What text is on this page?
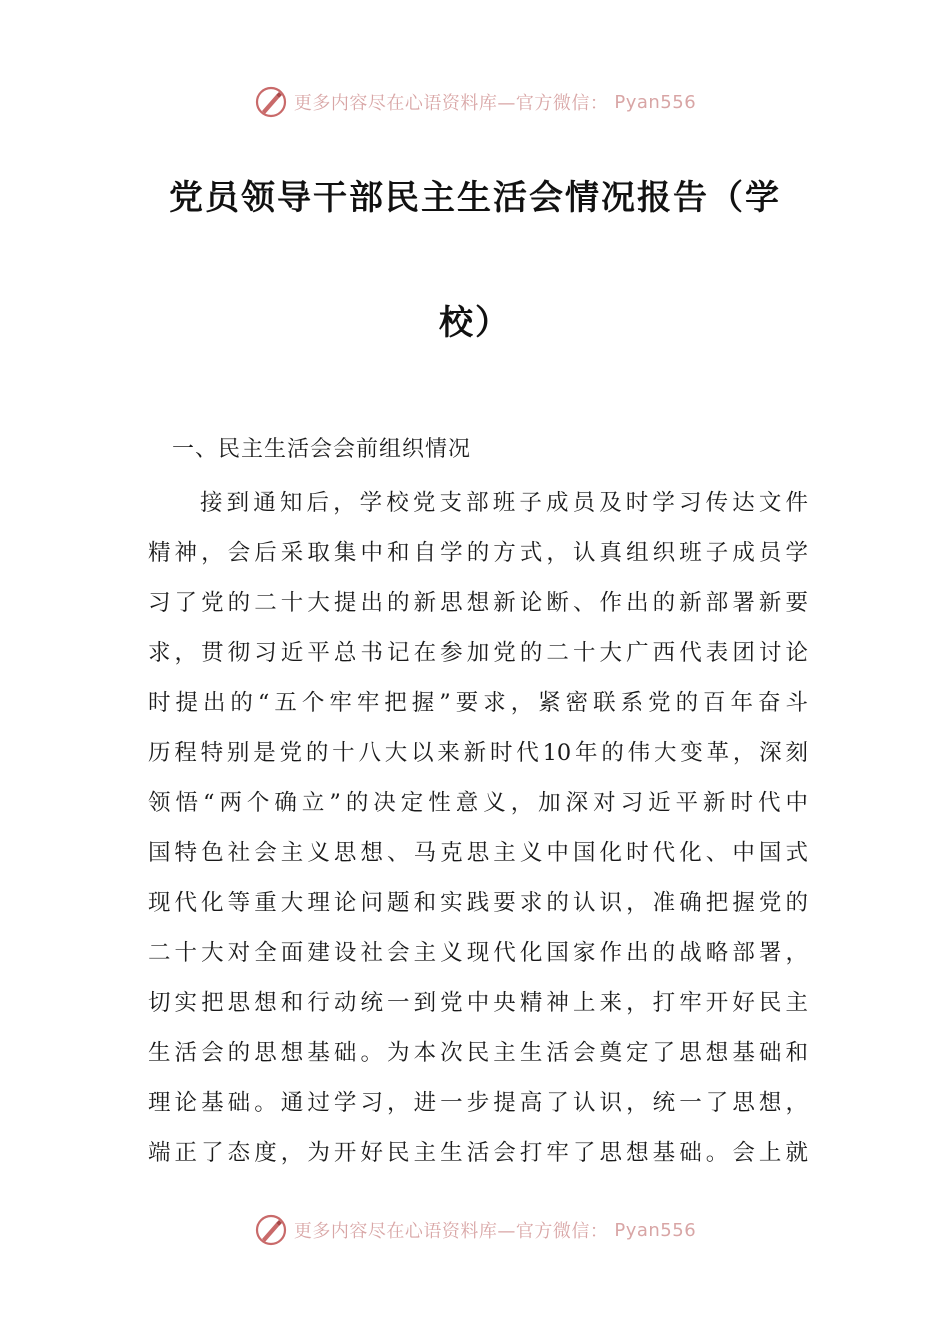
更多内容尽在心语资料库—官方微信： Pyan556
党员领导干部民主生活会情况报告（学
校）
一、民主生活会会前组织情况
接到通知后，学校党支部班子成员及时学习传达文件
精神，会后采取集中和自学的方式，认真组织班子成员学
习了党的二十大提出的新思想新论断、作出的新部署新要
求，贯彻习近平总书记在参加党的二十大广西代表团讨论
时提出的“五个牢牢把握”要求，紧密联系党的百年奋斗
历程特别是党的十八大以来新时代10年的伟大变革，深刻
领悟“两个确立”的决定性意义，加深对习近平新时代中
国特色社会主义思想、马克思主义中国化时代化、中国式
现代化等重大理论问题和实践要求的认识，准确把握党的
二十大对全面建设社会主义现代化国家作出的战略部署，
切实把思想和行动统一到党中央精神上来，打牢开好民主
生活会的思想基础。为本次民主生活会奠定了思想基础和
理论基础。通过学习，进一步提高了认识，统一了思想，
端正了态度，为开好民主生活会打牢了思想基础。会上就
更多内容尽在心语资料库—官方微信： Pyan556
